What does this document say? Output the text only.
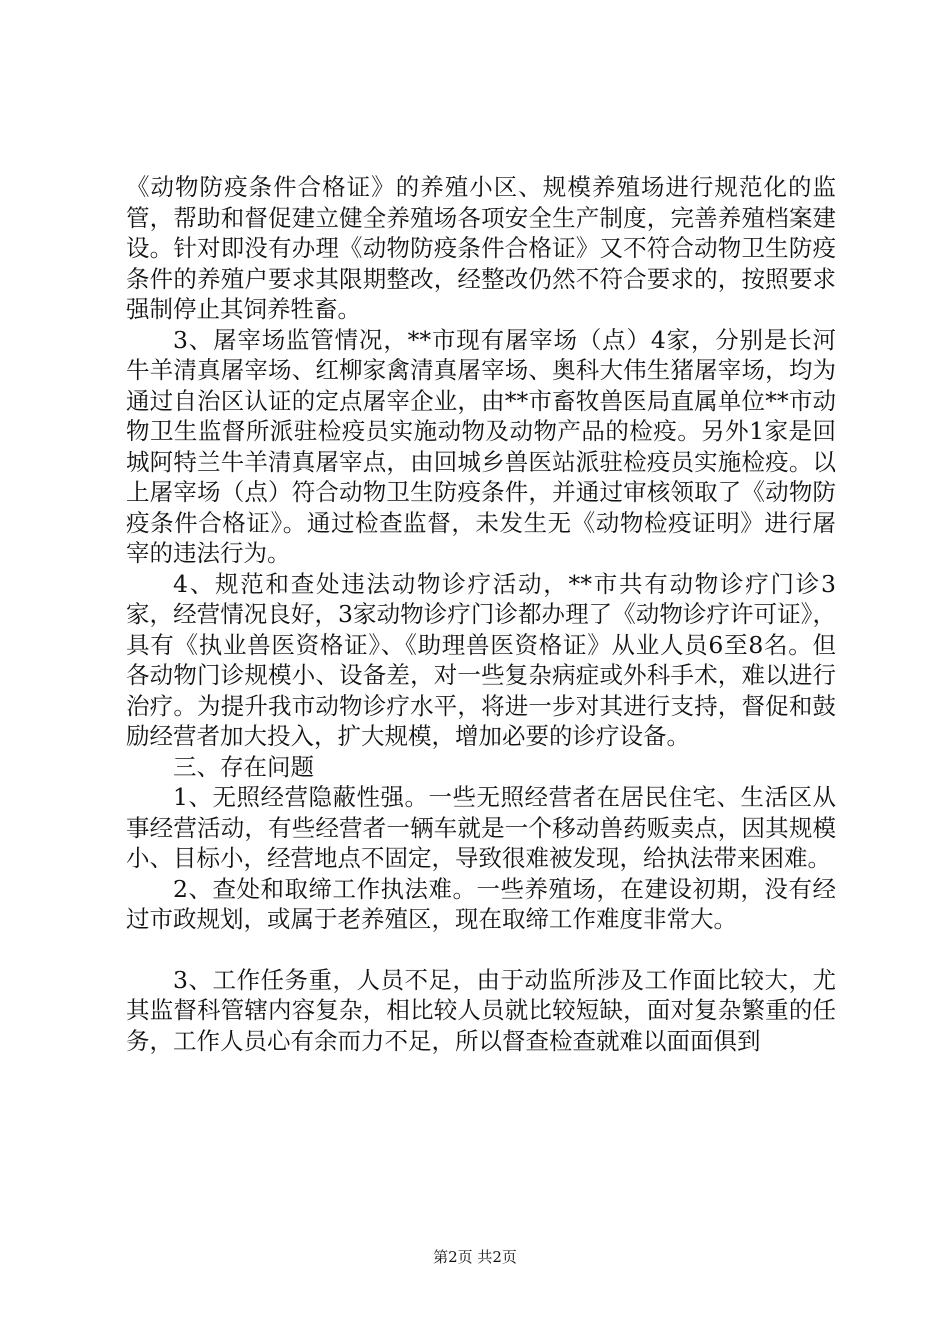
《动物防疫条件合格证》的养殖小区、规模养殖场进行规范化的监管，帮助和督促建立健全养殖场各项安全生产制度，完善养殖档案建设。针对即没有办理《动物防疫条件合格证》又不符合动物卫生防疫条件的养殖户要求其限期整改，经整改仍然不符合要求的，按照要求强制停止其饲养牲畜。

3、屠宰场监管情况，**市现有屠宰场（点）4家，分别是长河牛羊清真屠宰场、红柳家禽清真屠宰场、奥科大伟生猪屠宰场，均为通过自治区认证的定点屠宰企业，由**市畜牧兽医局直属单位**市动物卫生监督所派驻检疫员实施动物及动物产品的检疫。另外1家是回城阿特兰牛羊清真屠宰点，由回城乡兽医站派驻检疫员实施检疫。以上屠宰场（点）符合动物卫生防疫条件，并通过审核领取了《动物防疫条件合格证》。通过检查监督，未发生无《动物检疫证明》进行屠宰的违法行为。

4、规范和查处违法动物诊疗活动，**市共有动物诊疗门诊3家，经营情况良好，3家动物诊疗门诊都办理了《动物诊疗许可证》，具有《执业兽医资格证》、《助理兽医资格证》从业人员6至8名。但各动物门诊规模小、设备差，对一些复杂病症或外科手术，难以进行治疗。为提升我市动物诊疗水平，将进一步对其进行支持，督促和鼓励经营者加大投入，扩大规模，增加必要的诊疗设备。

三、存在问题

1、无照经营隐蔽性强。一些无照经营者在居民住宅、生活区从事经营活动，有些经营者一辆车就是一个移动兽药贩卖点，因其规模小、目标小，经营地点不固定，导致很难被发现，给执法带来困难。

2、查处和取缔工作执法难。一些养殖场，在建设初期，没有经过市政规划，或属于老养殖区，现在取缔工作难度非常大。

3、工作任务重，人员不足，由于动监所涉及工作面比较大，尤其监督科管辖内容复杂，相比较人员就比较短缺，面对复杂繁重的任务，工作人员心有余而力不足，所以督查检查就难以面面俱到

第2页 共2页
